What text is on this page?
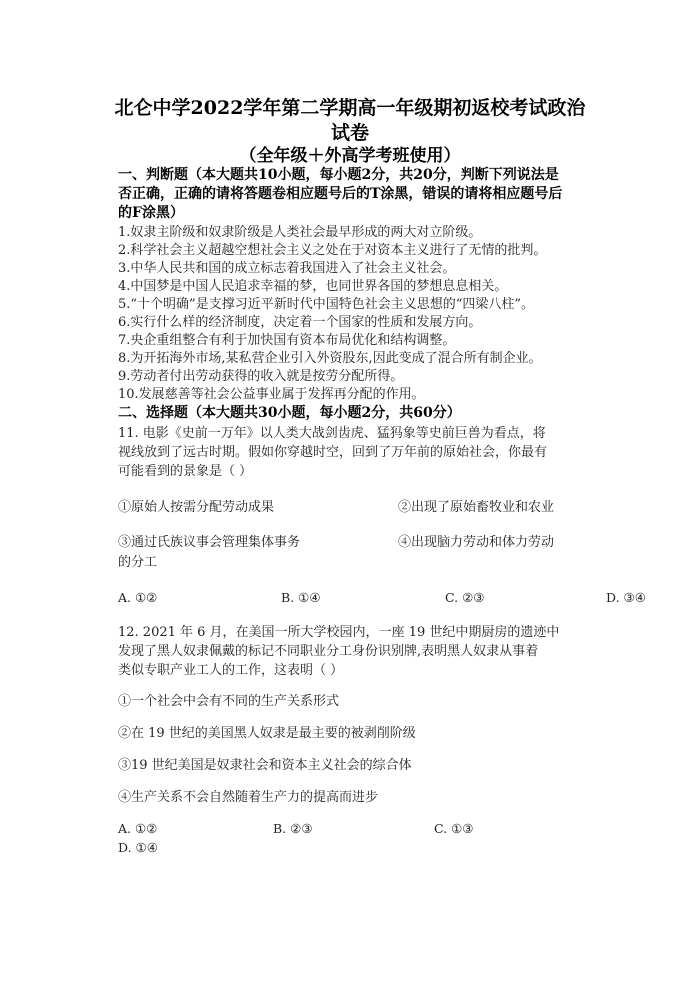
北仑中学2022学年第二学期高一年级期初返校考试政治
试卷
（全年级＋外高学考班使用）
一、判断题（本大题共10小题，每小题2分，共20分，判断下列说法是
否正确，正确的请将答题卷相应题号后的T涂黑，错误的请将相应题号后
的F涂黑）
1.奴隶主阶级和奴隶阶级是人类社会最早形成的两大对立阶级。
2.科学社会主义超越空想社会主义之处在于对资本主义进行了无情的批判。
3.中华人民共和国的成立标志着我国进入了社会主义社会。
4.中国梦是中国人民追求幸福的梦，也同世界各国的梦想息息相关。
5.“十个明确”是支撑习近平新时代中国特色社会主义思想的“四梁八柱”。
6.实行什么样的经济制度，决定着一个国家的性质和发展方向。
7.央企重组整合有利于加快国有资本布局优化和结构调整。
8.为开拓海外市场,某私营企业引入外资股东,因此变成了混合所有制企业。
9.劳动者付出劳动获得的收入就是按劳分配所得。
10.发展慈善等社会公益事业属于发挥再分配的作用。
二、选择题（本大题共30小题，每小题2分，共60分）
11. 电影《史前一万年》以人类大战剑齿虎、猛犸象等史前巨兽为看点，将
视线放到了远古时期。假如你穿越时空，回到了万年前的原始社会，你最有
可能看到的景象是（ ）
①原始人按需分配劳动成果	②出现了原始畜牧业和农业
③通过氏族议事会管理集体事务	④出现脑力劳动和体力劳动
的分工
A. ①②	B. ①④	C. ②③	D. ③④
12. 2021 年 6 月，在美国一所大学校园内，一座 19 世纪中期厨房的遗迹中
发现了黑人奴隶佩戴的标记不同职业分工身份识别牌,表明黑人奴隶从事着
类似专职产业工人的工作，这表明（ ）
①一个社会中会有不同的生产关系形式
②在 19 世纪的美国黑人奴隶是最主要的被剥削阶级
③19 世纪美国是奴隶社会和资本主义社会的综合体
④生产关系不会自然随着生产力的提高而进步
A. ①②	B. ②③	C. ①③
D. ①④
